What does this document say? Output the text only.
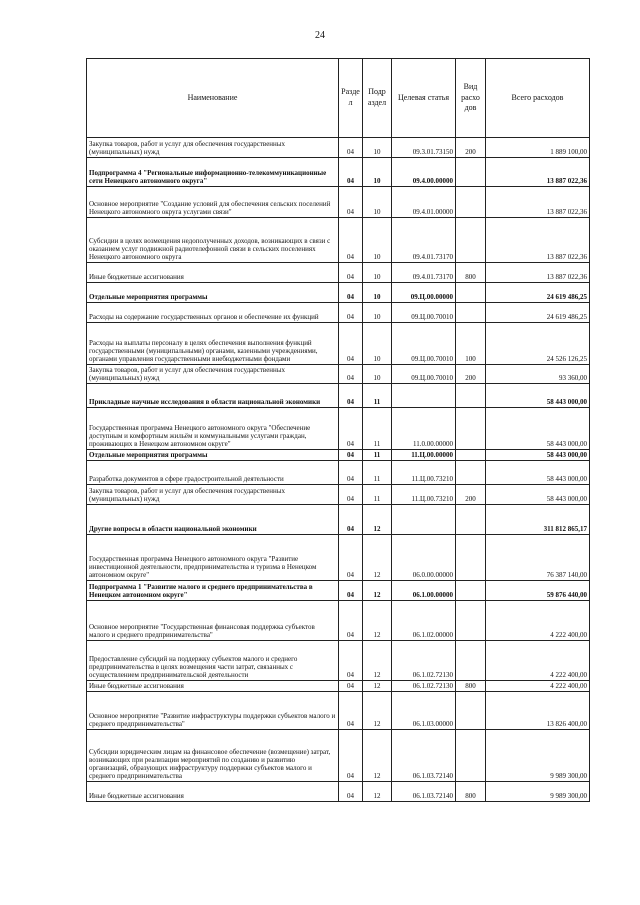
24
Наименование	Разде л	Подр аздел	Целевая статья	Вид расхо дов	Всего расходов
Закупка товаров, работ и услуг для обеспечения государственных (муниципальных) нужд	04	10	09.3.01.73150	200	1 889 100,00
Подпрограмма 4 "Региональные информационно-телекоммуникационные сети Ненецкого автономного округа"	04	10	09.4.00.00000		13 887 022,36
Основное мероприятие "Создание условий для обеспечения сельских поселений Ненецкого автономного округа услугами связи"	04	10	09.4.01.00000		13 887 022,36
Субсидии в целях возмещения недополученных доходов, возникающих в связи с оказанием услуг подвижной радиотелефонной связи в сельских поселениях Ненецкого автономного округа	04	10	09.4.01.73170		13 887 022,36
Иные бюджетные ассигнования	04	10	09.4.01.73170	800	13 887 022,36
Отдельные мероприятия программы	04	10	09.Ц.00.00000		24 619 486,25
Расходы на содержание государственных органов и обеспечение их функций	04	10	09.Ц.00.70010		24 619 486,25
Расходы на выплаты персоналу в целях обеспечения выполнения функций государственными (муниципальными) органами, казенными учреждениями, органами управления государственными внебюджетными фондами	04	10	09.Ц.00.70010	100	24 526 126,25
Закупка товаров, работ и услуг для обеспечения государственных (муниципальных) нужд	04	10	09.Ц.00.70010	200	93 360,00
Прикладные научные исследования в области национальной экономики	04	11			58 443 000,00
Государственная программа Ненецкого автономного округа "Обеспечение доступным и комфортным жильём и коммунальными услугами граждан, проживающих в Ненецком автономном округе"	04	11	11.0.00.00000		58 443 000,00
Отдельные мероприятия программы	04	11	11.Ц.00.00000		58 443 000,00
Разработка документов в сфере градостроительной деятельности	04	11	11.Ц.00.73210		58 443 000,00
Закупка товаров, работ и услуг для обеспечения государственных (муниципальных) нужд	04	11	11.Ц.00.73210	200	58 443 000,00
Другие вопросы в области национальной экономики	04	12			311 812 865,17
Государственная программа Ненецкого автономного округа "Развитие инвестиционной деятельности, предпринимательства и туризма в Ненецком автономном округе"	04	12	06.0.00.00000		76 387 140,00
Подпрограмма 1 "Развитие малого и среднего предпринимательства в Ненецком автономном округе"	04	12	06.1.00.00000		59 876 440,00
Основное мероприятие "Государственная финансовая поддержка субъектов малого и среднего предпринимательства"	04	12	06.1.02.00000		4 222 400,00
Предоставление субсидий на поддержку субъектов малого и среднего предпринимательства в целях возмещения части затрат, связанных с осуществлением предпринимательской деятельности	04	12	06.1.02.72130		4 222 400,00
Иные бюджетные ассигнования	04	12	06.1.02.72130	800	4 222 400,00
Основное мероприятие "Развитие инфраструктуры поддержки субъектов малого и среднего предпринимательства"	04	12	06.1.03.00000		13 826 400,00
Субсидии юридическим лицам на финансовое обеспечение (возмещение) затрат, возникающих при реализации мероприятий по созданию и развитию организаций, образующих инфраструктуру поддержки субъектов малого и среднего предпринимательства	04	12	06.1.03.72140		9 989 300,00
Иные бюджетные ассигнования	04	12	06.1.03.72140	800	9 989 300,00
